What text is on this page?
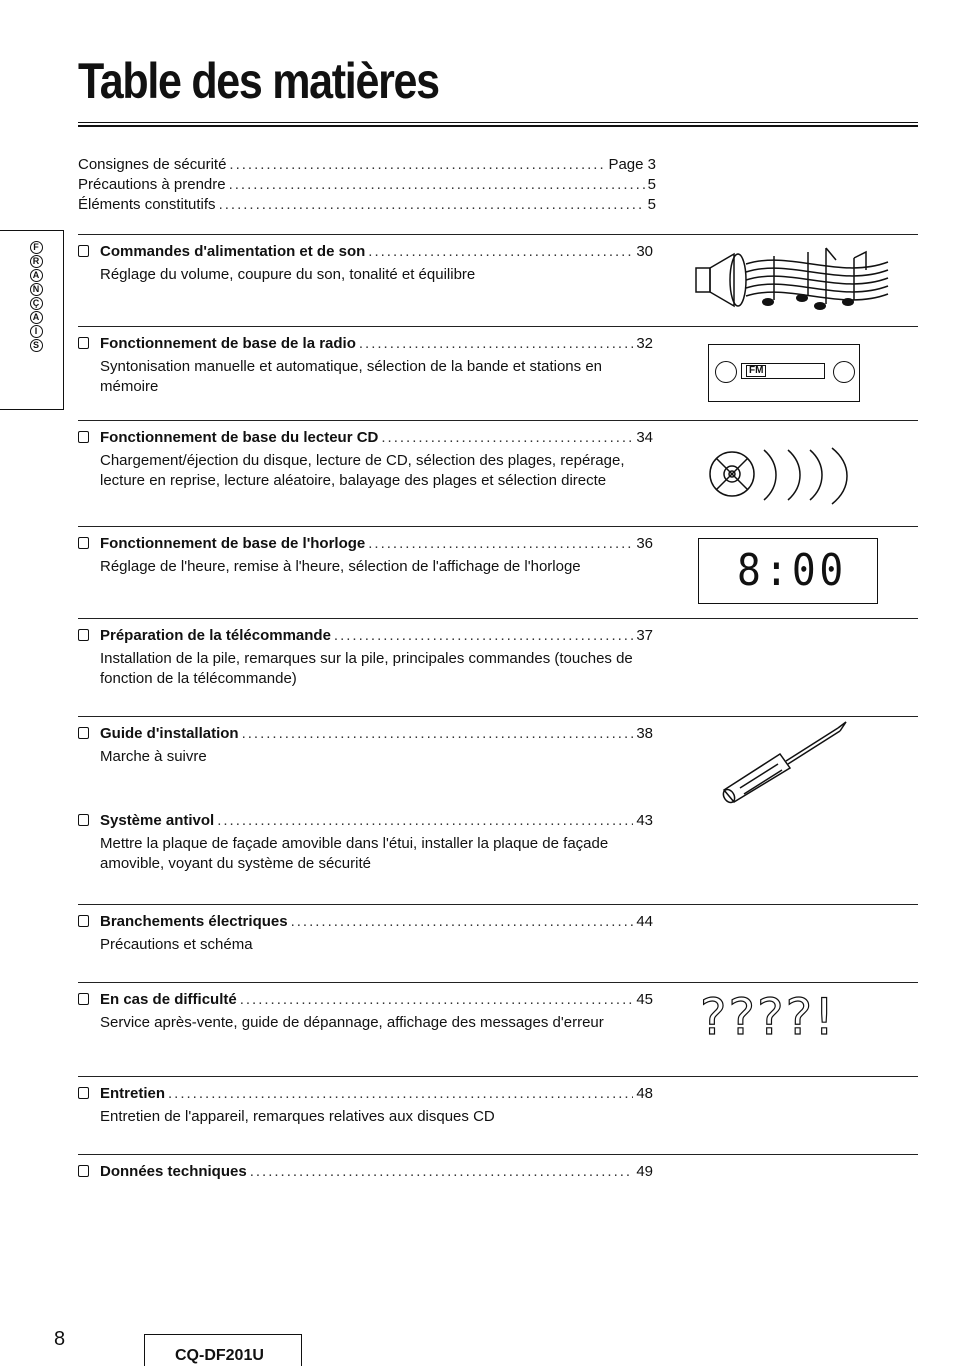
Table des matières
Consignes de sécurité .....	Page 3
Précautions à prendre .....	5
Éléments constitutifs .....	5
F
R
A
N
Ç
A
I
S
Commandes d'alimentation et de son .....	30
Réglage du volume, coupure du son, tonalité et équilibre
Fonctionnement de base de la radio .....	32
Syntonisation manuelle et automatique, sélection de la bande et stations en mémoire
Fonctionnement de base du lecteur CD .....	34
Chargement/éjection du disque, lecture de CD, sélection des plages, repérage, lecture en reprise, lecture aléatoire, balayage des plages et sélection directe
Fonctionnement de base de l'horloge .....	36
Réglage de l'heure, remise à l'heure, sélection de l'affichage de l'horloge
Préparation de la télécommande .....	37
Installation de la pile, remarques sur la pile, principales commandes (touches de fonction de la télécommande)
Guide d'installation .....	38
Marche à suivre
Système antivol .....	43
Mettre la plaque de façade amovible dans l'étui, installer la plaque de façade amovible, voyant du système de sécurité
Branchements électriques .....	44
Précautions et schéma
En cas de difficulté .....	45
Service après-vente, guide de dépannage, affichage des messages d'erreur
Entretien .....	48
Entretien de l'appareil, remarques relatives aux disques CD
Données techniques .....	49
FM
8:00
????!
8
CQ-DF201U
